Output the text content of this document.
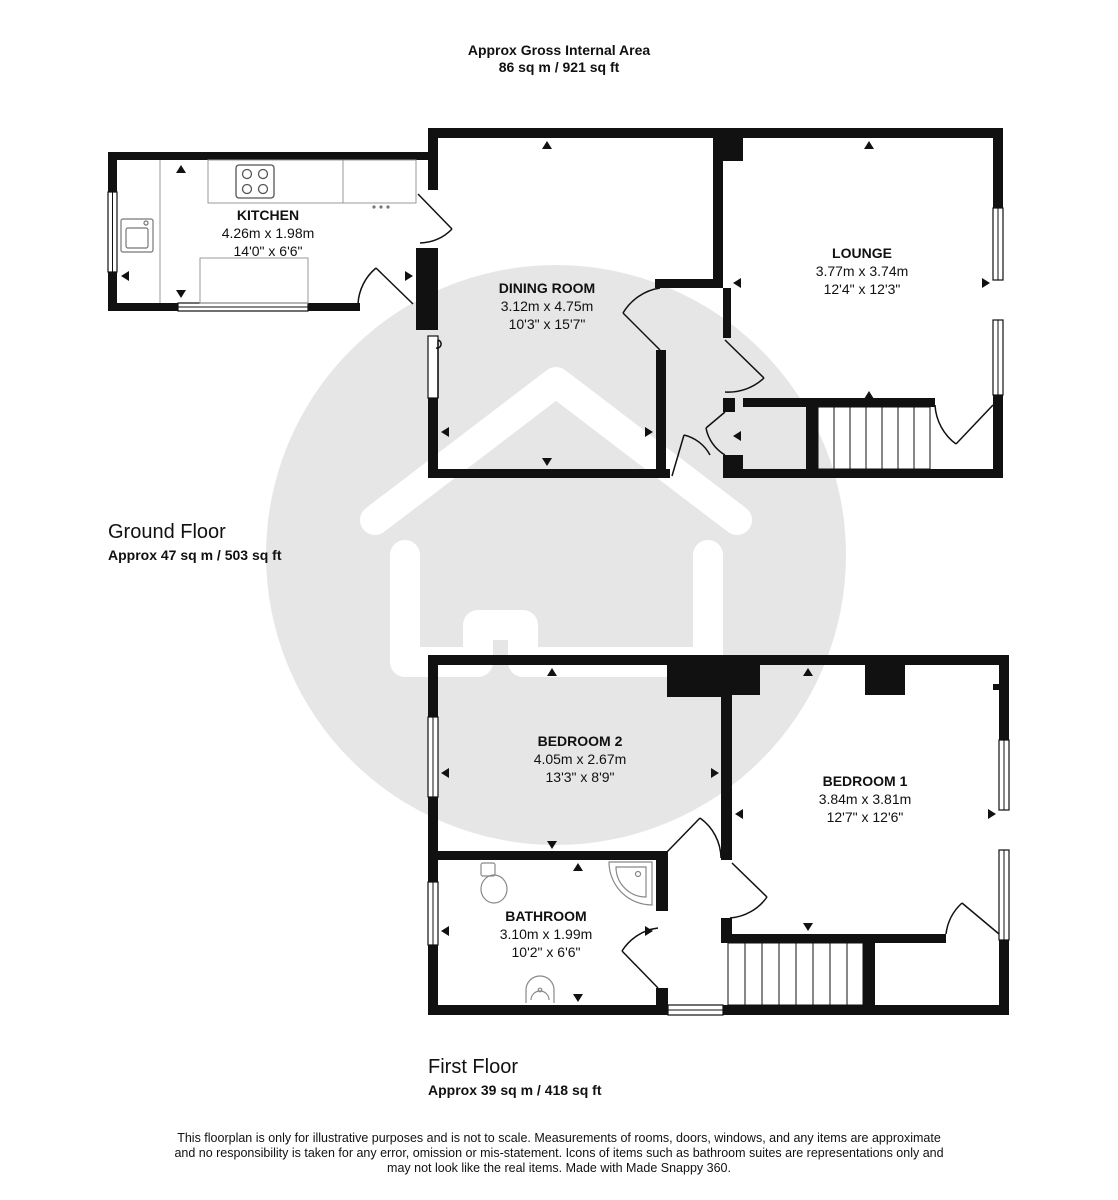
Approx Gross Internal Area
86 sq m / 921 sq ft
KITCHEN
4.26m x 1.98m
14'0" x 6'6"
DINING ROOM
3.12m x 4.75m
10'3" x 15'7"
LOUNGE
3.77m x 3.74m
12'4" x 12'3"
BEDROOM 2
4.05m x 2.67m
13'3" x 8'9"	BEDROOM 1
3.84m x 3.81m
12'7" x 12'6"
BATHROOM
3.10m x 1.99m
10'2" x 6'6"
Ground Floor
Approx 47 sq m / 503 sq ft
First Floor
Approx 39 sq m / 418 sq ft
This floorplan is only for illustrative purposes and is not to scale. Measurements of rooms, doors, windows, and any items are approximate
and no responsibility is taken for any error, omission or mis-statement. Icons of items such as bathroom suites are representations only and
may not look like the real items. Made with Made Snappy 360.
